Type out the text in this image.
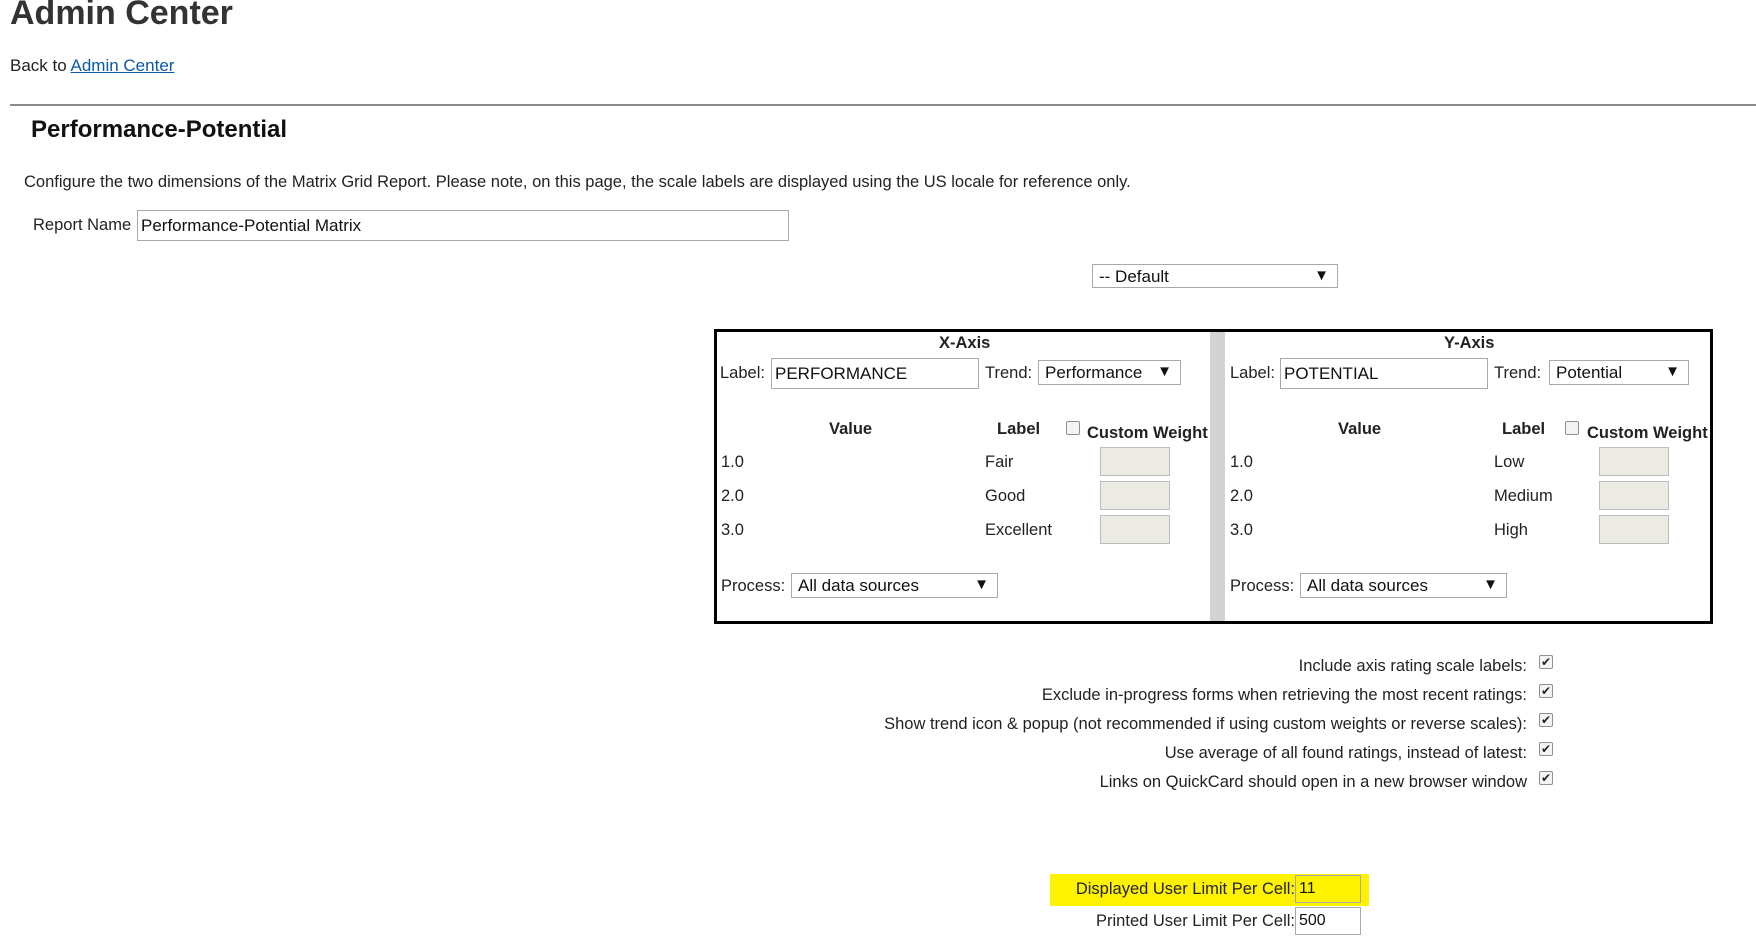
Admin Center
Back to Admin Center
Performance-Potential
Configure the two dimensions of the Matrix Grid Report. Please note, on this page, the scale labels are displayed using the US locale for reference only.
Report Name
Performance-Potential Matrix
-- Default	▼
X-Axis
Label:
PERFORMANCE	Trend: Performance ▼
Value	Label	Custom Weight
1.0	Fair
2.0	Good
3.0	Excellent
Process: All data sources	▼
Y-Axis
Label:
POTENTIAL	Trend: Potential	▼
Value	Label	Custom Weight
1.0	Low
2.0	Medium
3.0	High
Process: All data sources	▼
Include axis rating scale labels: ✔
Exclude in-progress forms when retrieving the most recent ratings: ✔
Show trend icon & popup (not recommended if using custom weights or reverse scales): ✔
Use average of all found ratings, instead of latest: ✔
Links on QuickCard should open in a new browser window ✔
Displayed User Limit Per Cell:
11
Printed User Limit Per Cell:
500
